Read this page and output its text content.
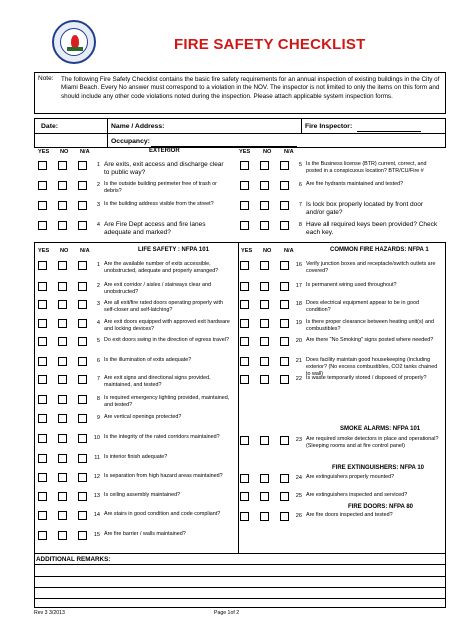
FIRE SAFETY CHECKLIST
Note: The following Fire Safety Checklist contains the basic fire safety requirements for an annual inspection of existing buildings in the City of Miami Beach. Every No answer must correspond to a violation in the NOV. The inspector is not limited to only the items on this form and should include any other code violations noted during the inspection. Please attach applicable system inspection forms.
Date:	Name / Address:	Fire Inspector:
Occupancy:
YES NO N/A	EXTERIOR	YES NO N/A
1 Are exits, exit access and discharge clear to public way?
2 Is the outside building perimeter free of trash or debris?
3 Is the building address visible from the street?
4 Are Fire Dept access and fire lanes adequate and marked?
5 Is the Business license (BTR) current, correct, and posted in a conspicuous location? BTR/CU/Fire #
6 Are fire hydrants maintained and tested?
7 Is lock box properly located by front door and/or gate?
8 Have all required keys been provided? Check each key.
YES NO N/A	LIFE SAFETY : NFPA 101	YES NO N/A	COMMON FIRE HAZARDS: NFPA 1
SMOKE ALARMS: NFPA 101
FIRE EXTINGUISHERS: NFPA 10
FIRE DOORS: NFPA 80
1 Are the available number of exits accessible, unobstructed, adequate and properly arranged?
2 Are exit corridor / aisles / stairways clear and unobstructed?
3 Are all exit/fire rated doors operating properly with self-closer and self-latching?
4 Are exit doors equipped with approved exit hardware and locking devices?
5 Do exit doors swing in the direction of egress travel?
6 Is the illumination of exits adequate?
7 Are exit signs and directional signs provided, maintained, and tested?
8 Is required emergency lighting provided, maintained, and tested?
9 Are vertical openings protected?
10 Is the integrity of the rated corridors maintained?
11 Is interior finish adequate?
12 Is separation from high hazard areas maintained?
13 Is ceiling assembly maintained?
14 Are stairs in good condition and code compliant?
15 Are fire barrier / walls maintained?
16 Verify junction boxes and receptacle/switch outlets are covered?
17 Is permanent wiring used throughout?
18 Does electrical equipment appear to be in good condition?
19 Is there proper clearance between heating unit(s) and combustibles?
20 Are there "No Smoking" signs posted where needed?
21 Does facility maintain good housekeeping (including exterior? (No excess combustibles, CO2 tanks chained to wall)
22 Is waste temporarily stored / disposed of properly?
23 Are required smoke detectors in place and operational? (Sleeping rooms and at fire control panel)
24 Are extinguishers properly mounted?
25 Are extinguishers inspected and serviced?
26 Are fire doors inspected and tested?
ADDITIONAL REMARKS:
Rev 3 3/2013	Page 1of 2
